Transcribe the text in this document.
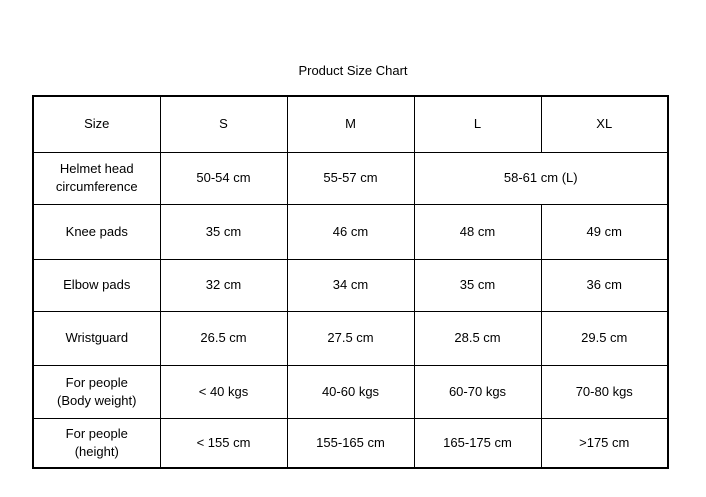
Product Size Chart
Size	S	M	L	XL

Helmet head
circumference	50-54 cm	55-57 cm	58-61 cm (L)	
Knee pads	35 cm	46 cm	48 cm	49 cm
Elbow pads	32 cm	34 cm	35 cm	36 cm
Wristguard	26.5 cm	27.5 cm	28.5 cm	29.5 cm

For people
(Body weight)	< 40 kgs	40-60 kgs	60-70 kgs	70-80 kgs

For people
(height)	< 155 cm	155-165 cm	165-175 cm	>175 cm
